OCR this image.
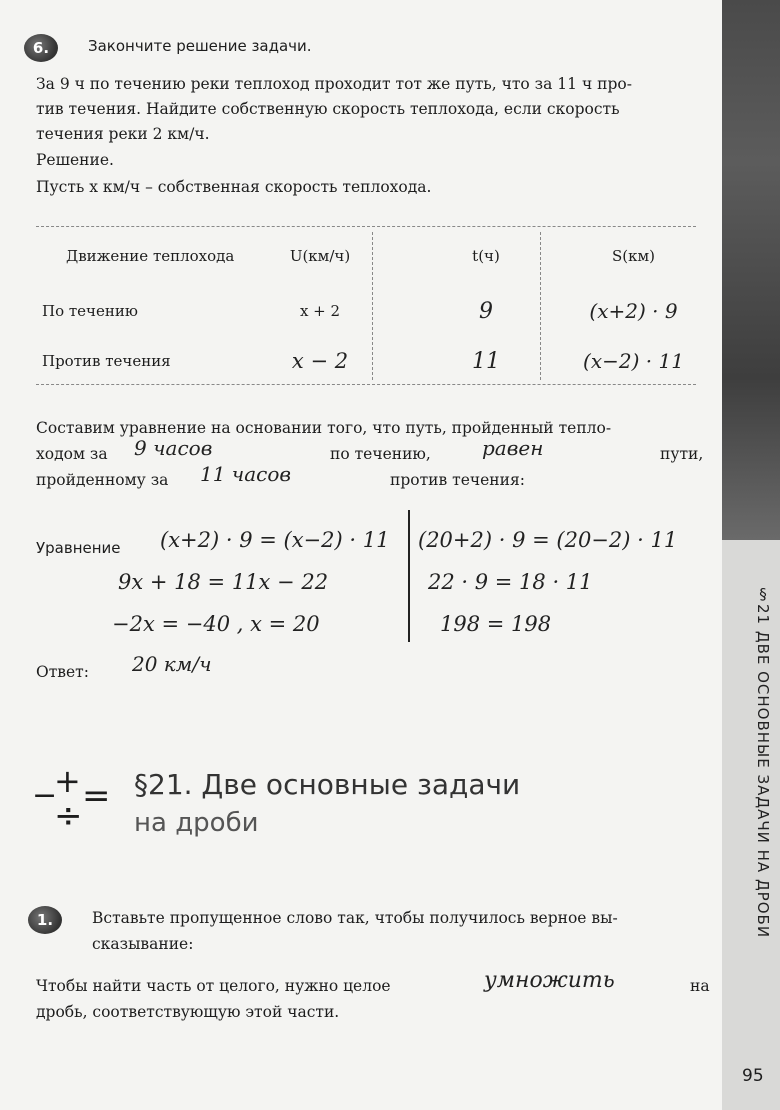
§21 ДВЕ ОСНОВНЫЕ ЗАДАЧИ НА ДРОБИ
6.	Закончите решение задачи.
За 9 ч по течению реки теплоход проходит тот же путь, что за 11 ч про-
тив течения. Найдите собственную скорость теплохода, если скорость
течения реки 2 км/ч.
Решение.
Пусть x км/ч – собственная скорость теплохода.
Движение теплохода	U(км/ч)	t(ч)	S(км)
По течению	x + 2	9	(x+2) · 9
Против течения	x − 2	11	(x−2) · 11
Составим уравнение на основании того, что путь, пройденный тепло-
ходом за 9 часов	по течению,	равен	пути,
пройденному за 11 часов	против течения:
Уравнение (x+2) · 9 = (x−2) · 11
9x + 18 = 11x − 22
−2x = −40 , x = 20
(20+2) · 9 = (20−2) · 11
22 · 9 = 18 · 11
198 = 198
Ответ: 20 км/ч
−
+ =
÷
§21. Две основные задачи
на дроби
1.	Вставьте пропущенное слово так, чтобы получилось верное вы-
сказывание:
Чтобы найти часть от целого, нужно целое	умножить	на
дробь, соответствующую этой части.
95
